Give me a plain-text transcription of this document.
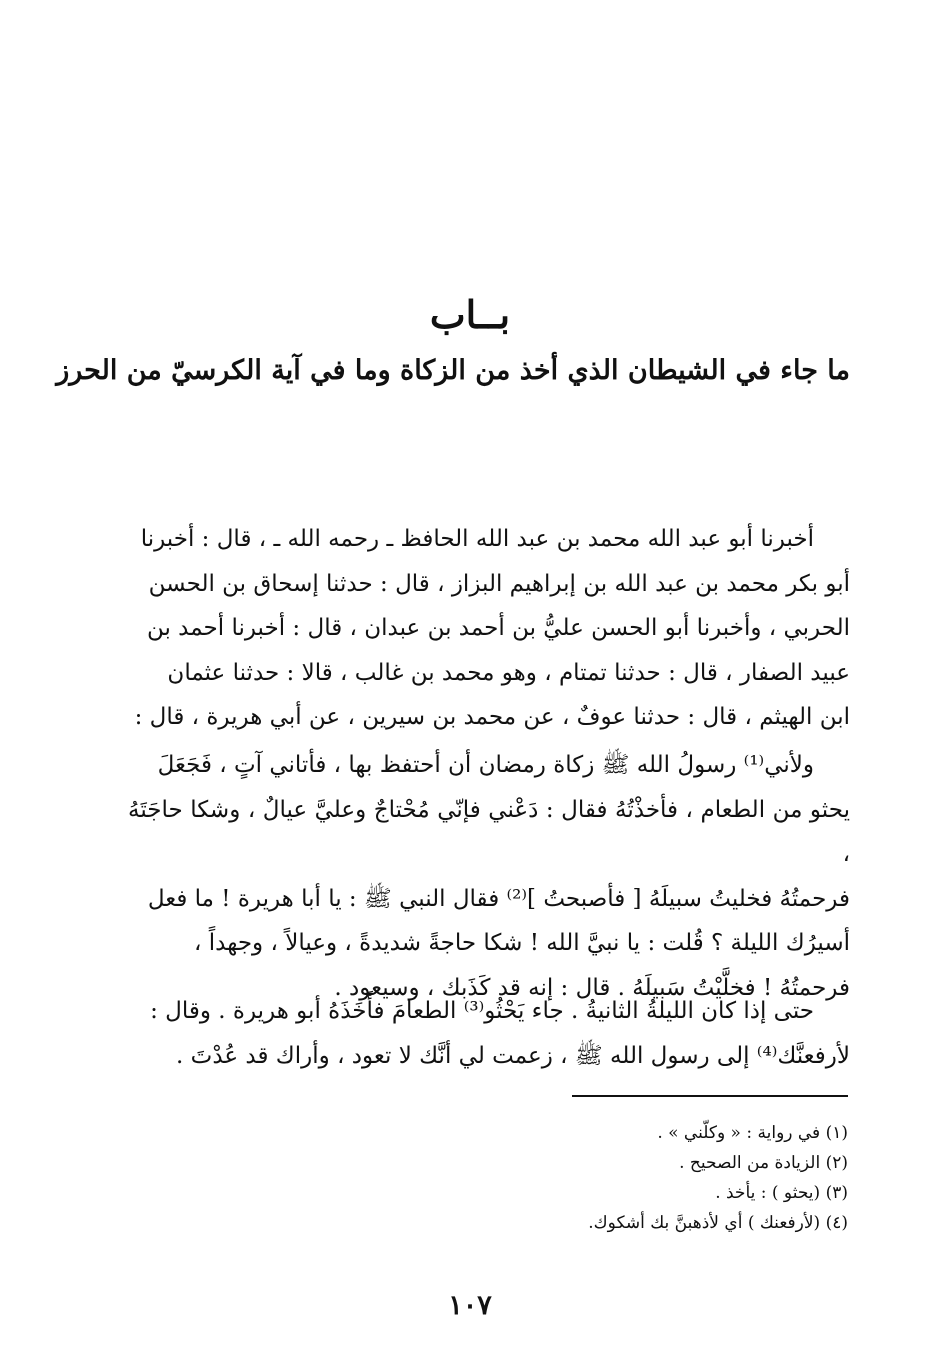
بــاب
ما جاء في الشيطان الذي أخذ من الزكاة وما في آية الكرسيّ من الحرز

أخبرنا أبو عبد الله محمد بن عبد الله الحافظ ـ رحمه الله ـ ، قال : أخبرنا

أبو بكر محمد بن عبد الله بن إبراهيم البزاز ، قال : حدثنا إسحاق بن الحسن

الحربي ، وأخبرنا أبو الحسن عليُّ بن أحمد بن عبدان ، قال : أخبرنا أحمد بن

عبيد الصفار ، قال : حدثنا تمتام ، وهو محمد بن غالب ، قالا : حدثنا عثمان

ابن الهيثم ، قال : حدثنا عوفٌ ، عن محمد بن سيرين ، عن أبي هريرة ، قال :

ولأني⁽¹⁾ رسولُ الله ﷺ زكاة رمضان أن أحتفظ بها ، فأتاني آتٍ ، فَجَعَلَ

يحثو من الطعام ، فأخذْتُهُ فقال : دَعْني فإنّي مُحْتاجٌ وعليَّ عيالٌ ، وشكا حاجَتَهُ ،

فرحمتُهُ فخليتُ سبيلَهُ [ فأصبحتُ ]⁽²⁾ فقال النبي ﷺ : يا أبا هريرة ! ما فعل

أسيرُك الليلة ؟ قُلت : يا نبيَّ الله ! شكا حاجةً شديدةً ، وعيالاً ، وجهداً ،

فرحمتُهُ ! فخلَّيْتُ سَبيلَهُ . قال : إنه قد كَذَبك ، وسيعود .

حتى إذا كان الليلةُ الثانيةُ . جاء يَحْثُو⁽³⁾ الطعامَ فأَخَذَهُ أبو هريرة . وقال :

لأرفعنَّك⁽⁴⁾ إلى رسول الله ﷺ ، زعمت لي أنَّك لا تعود ، وأراك قد عُدْتَ .

(١) في رواية : « وكلّني » .
(٢) الزيادة من الصحيح .
(٣) (يحثو ) : يأخذ .
(٤) (لأرفعنك ) أي لأذهبنَّ بك أشكوك.
١٠٧
